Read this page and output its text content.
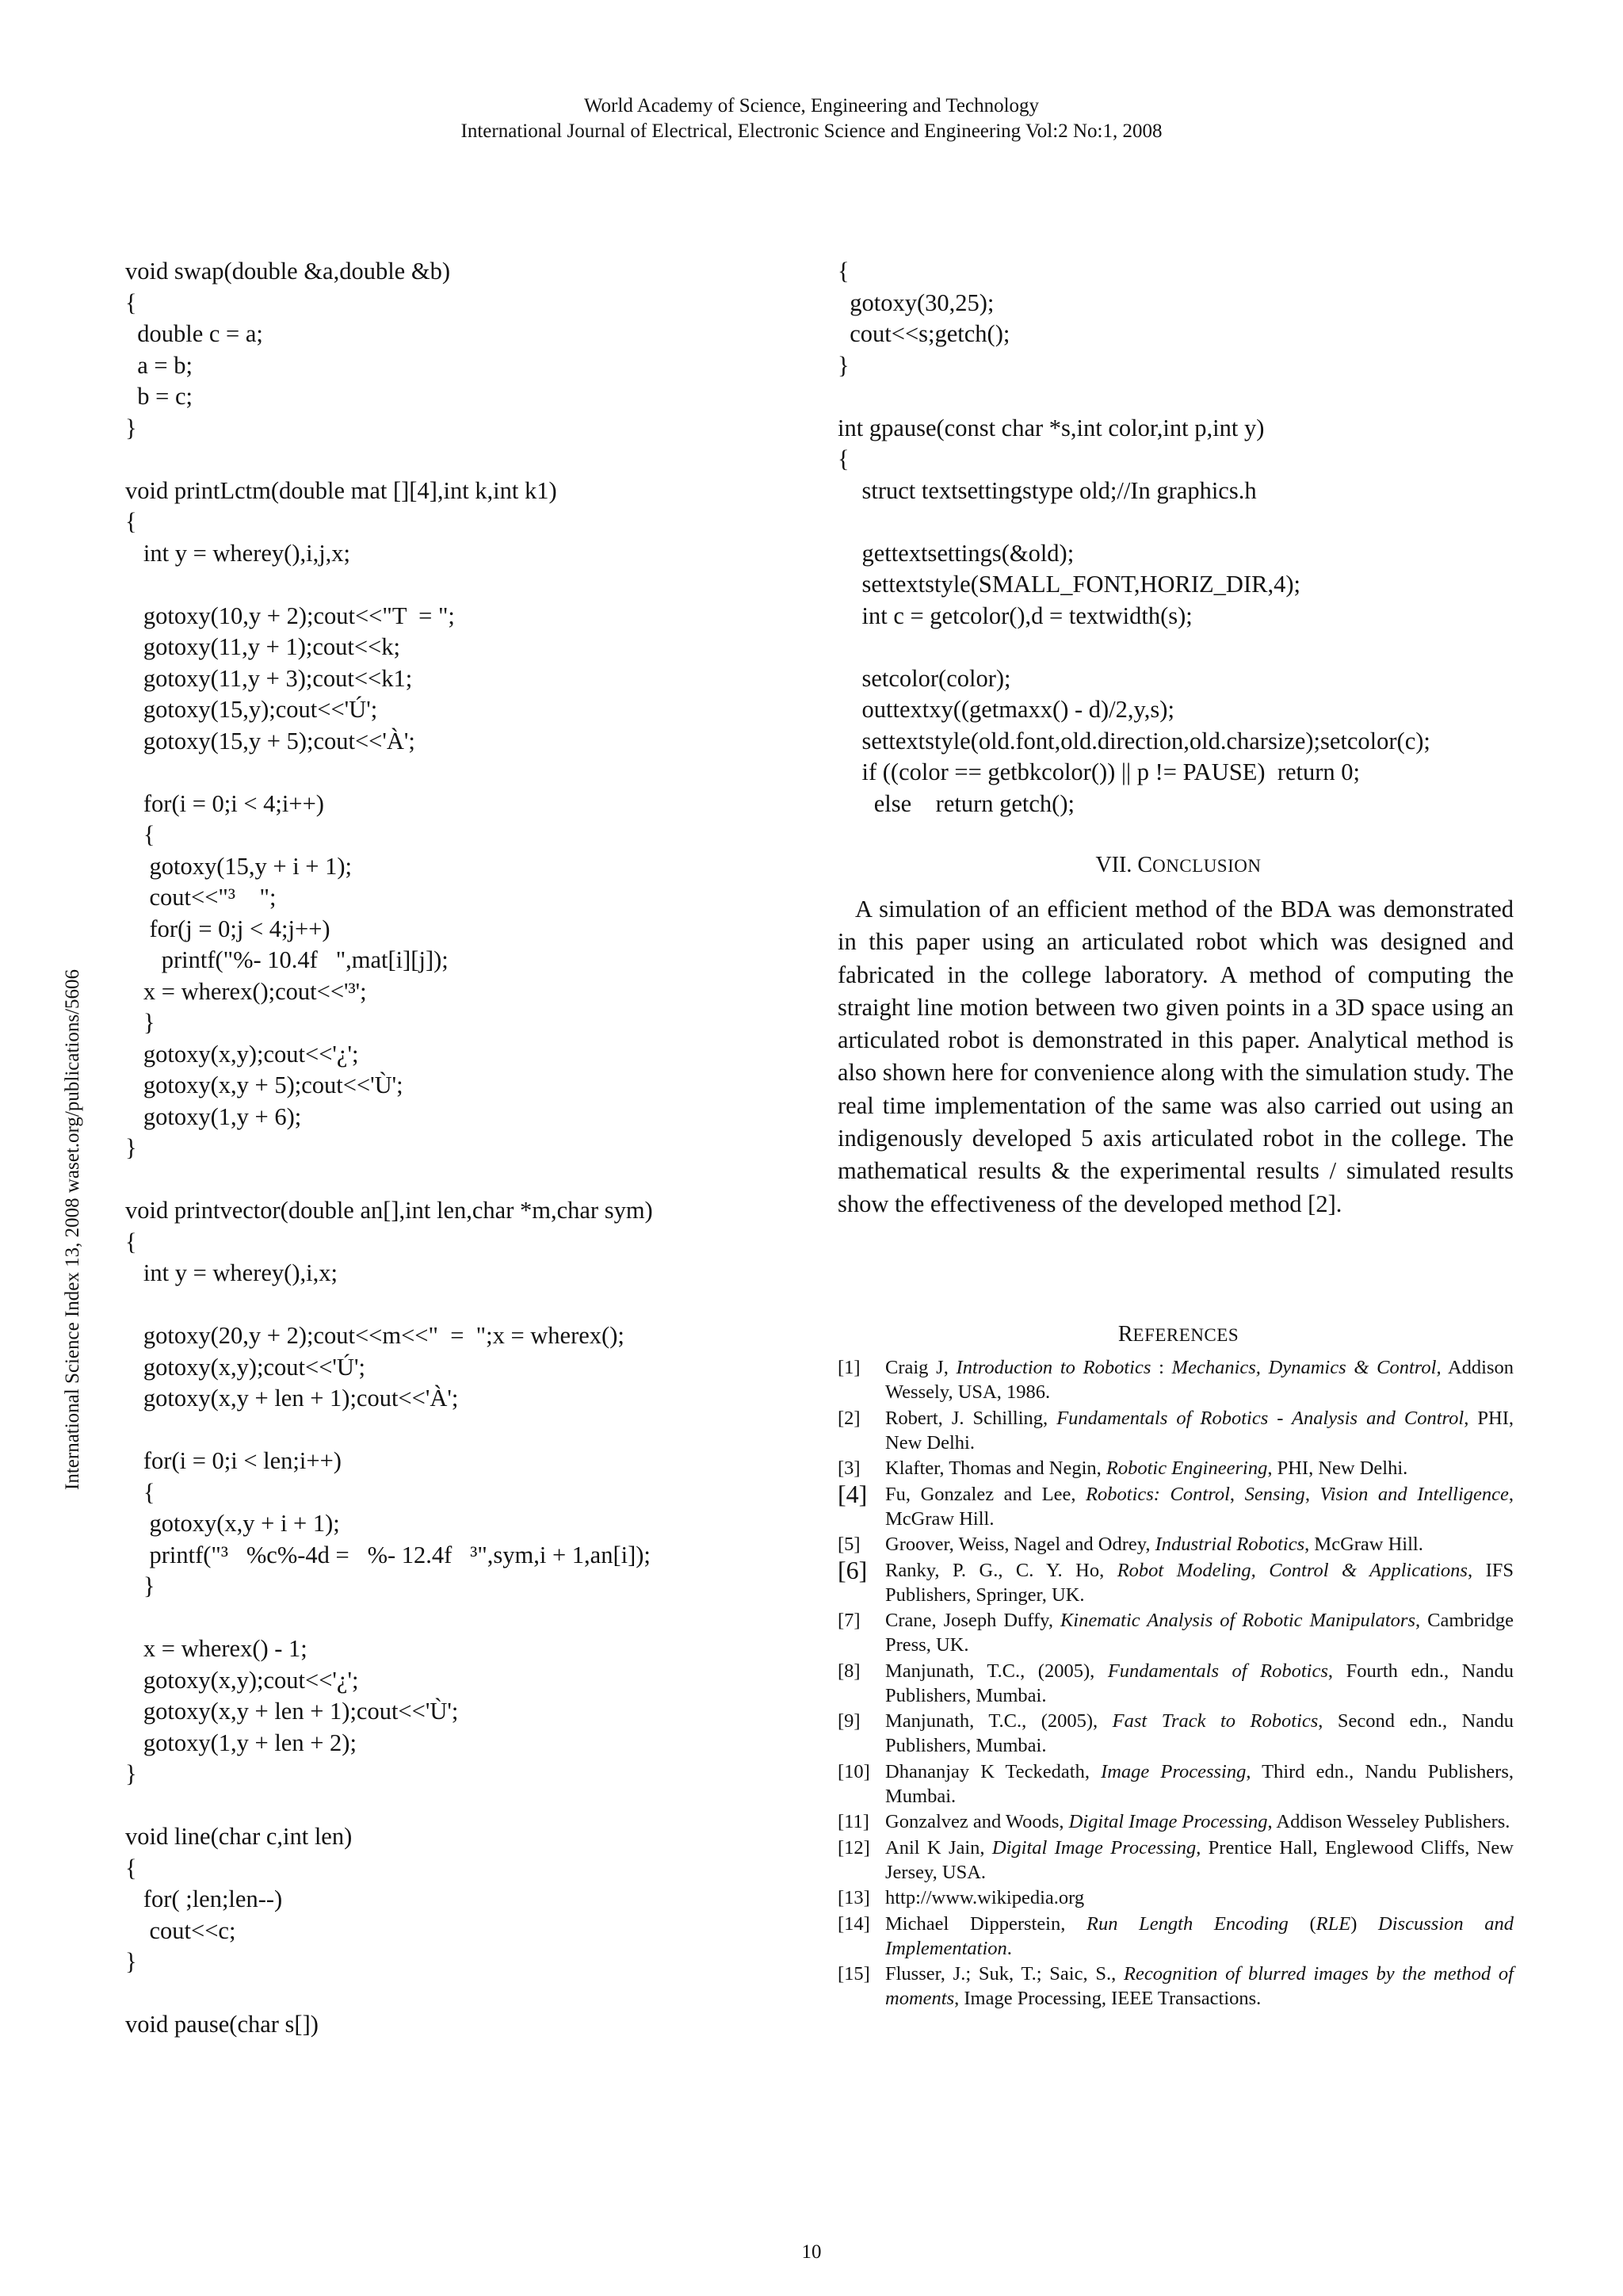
World Academy of Science, Engineering and Technology
International Journal of Electrical, Electronic Science and Engineering Vol:2 No:1, 2008
International Science Index 13, 2008 waset.org/publications/5606
void swap(double &a,double &b)
{
double c = a;
a = b;
b = c;
}

void printLctm(double mat [][4],int k,int k1)
{
int y = wherey(),i,j,x;

gotoxy(10,y + 2);cout<<"T  = ";
gotoxy(11,y + 1);cout<<k;
gotoxy(11,y + 3);cout<<k1;
gotoxy(15,y);cout<<'Ú';
gotoxy(15,y + 5);cout<<'À';

for(i = 0;i < 4;i++)
{
gotoxy(15,y + i + 1);
cout<<"³    ";
for(j = 0;j < 4;j++)
printf("%- 10.4f   ",mat[i][j]);
x = wherex();cout<<'³';
}
gotoxy(x,y);cout<<'¿';
gotoxy(x,y + 5);cout<<'Ù';
gotoxy(1,y + 6);
}

void printvector(double an[],int len,char *m,char sym)
{
int y = wherey(),i,x;

gotoxy(20,y + 2);cout<<m<<"  =  ";x = wherex();
gotoxy(x,y);cout<<'Ú';
gotoxy(x,y + len + 1);cout<<'À';

for(i = 0;i < len;i++)
{
gotoxy(x,y + i + 1);
printf("³   %c%-4d =   %- 12.4f   ³",sym,i + 1,an[i]);
}

x = wherex() - 1;
gotoxy(x,y);cout<<'¿';
gotoxy(x,y + len + 1);cout<<'Ù';
gotoxy(1,y + len + 2);
}

void line(char c,int len)
{
for( ;len;len--)
cout<<c;
}

void pause(char s[])
{
gotoxy(30,25);
cout<<s;getch();
}

int gpause(const char *s,int color,int p,int y)
{
struct textsettingstype old;//In graphics.h

gettextsettings(&old);
settextstyle(SMALL_FONT,HORIZ_DIR,4);
int c = getcolor(),d = textwidth(s);

setcolor(color);
outtextxy((getmaxx() - d)/2,y,s);
settextstyle(old.font,old.direction,old.charsize);setcolor(c);
if ((color == getbkcolor()) || p != PAUSE)  return 0;
else    return getch();
VII. CONCLUSION

A simulation of an efficient method of the BDA was demonstrated in this paper using an articulated robot which was designed and fabricated in the college laboratory. A method of computing the straight line motion between two given points in a 3D space using an articulated robot is demonstrated in this paper. Analytical method is also shown here for convenience along with the simulation study. The real time implementation of the same was also carried out using an indigenously developed 5 axis articulated robot in the college. The mathematical results & the experimental results / simulated results show the effectiveness of the developed method [2].

REFERENCES
[1]	Craig J, Introduction to Robotics : Mechanics, Dynamics & Control, Addison Wessely, USA, 1986.
[2]	Robert, J. Schilling, Fundamentals of Robotics - Analysis and Control, PHI, New Delhi.
[3]	Klafter, Thomas and Negin, Robotic Engineering, PHI, New Delhi.
[4] Fu, Gonzalez and Lee, Robotics: Control, Sensing, Vision and Intelligence, McGraw Hill.
[5]	Groover, Weiss, Nagel and Odrey, Industrial Robotics, McGraw Hill.
[6] Ranky, P. G., C. Y. Ho, Robot Modeling, Control & Applications, IFS Publishers, Springer, UK.
[7]	Crane, Joseph Duffy, Kinematic Analysis of Robotic Manipulators, Cambridge Press, UK.
[8]	Manjunath, T.C., (2005), Fundamentals of Robotics, Fourth edn., Nandu Publishers, Mumbai.
[9]	Manjunath, T.C., (2005), Fast Track to Robotics, Second edn., Nandu Publishers, Mumbai.
[10] Dhananjay K Teckedath, Image Processing, Third edn., Nandu Publishers, Mumbai.
[11] Gonzalvez and Woods, Digital Image Processing, Addison Wesseley Publishers.
[12] Anil K Jain, Digital Image Processing, Prentice Hall, Englewood Cliffs, New Jersey, USA.
[13] http://www.wikipedia.org
[14] Michael Dipperstein, Run Length Encoding (RLE) Discussion and Implementation.
[15] Flusser, J.; Suk, T.; Saic, S., Recognition of blurred images by the method of moments, Image Processing, IEEE Transactions.
10
